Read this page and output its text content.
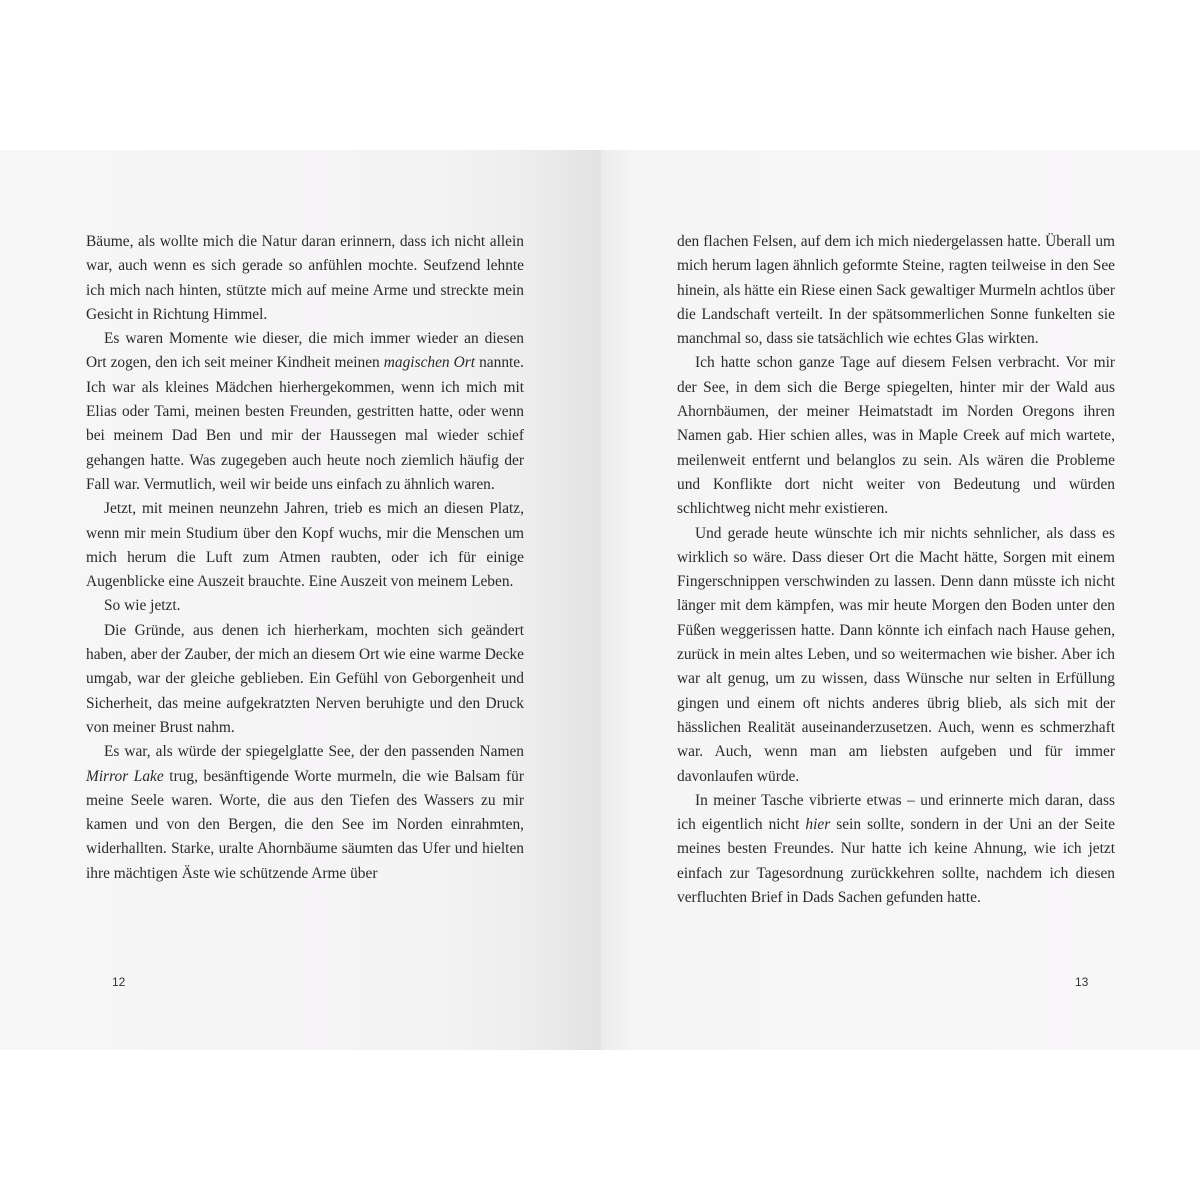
Bäume, als wollte mich die Natur daran erinnern, dass ich nicht allein war, auch wenn es sich gerade so anfühlen mochte. Seufzend lehnte ich mich nach hinten, stützte mich auf meine Arme und streckte mein Gesicht in Richtung Himmel.

Es waren Momente wie dieser, die mich immer wieder an diesen Ort zogen, den ich seit meiner Kindheit meinen magischen Ort nannte. Ich war als kleines Mädchen hierhergekommen, wenn ich mich mit Elias oder Tami, meinen besten Freunden, gestritten hatte, oder wenn bei meinem Dad Ben und mir der Haussegen mal wieder schief gehangen hatte. Was zugegeben auch heute noch ziemlich häufig der Fall war. Vermutlich, weil wir beide uns einfach zu ähnlich waren.

Jetzt, mit meinen neunzehn Jahren, trieb es mich an diesen Platz, wenn mir mein Studium über den Kopf wuchs, mir die Menschen um mich herum die Luft zum Atmen raubten, oder ich für einige Augenblicke eine Auszeit brauchte. Eine Auszeit von meinem Leben.

So wie jetzt.

Die Gründe, aus denen ich hierherkam, mochten sich geändert haben, aber der Zauber, der mich an diesem Ort wie eine warme Decke umgab, war der gleiche geblieben. Ein Gefühl von Geborgenheit und Sicherheit, das meine aufgekratzten Nerven beruhigte und den Druck von meiner Brust nahm.

Es war, als würde der spiegelglatte See, der den passenden Namen Mirror Lake trug, besänftigende Worte murmeln, die wie Balsam für meine Seele waren. Worte, die aus den Tiefen des Wassers zu mir kamen und von den Bergen, die den See im Norden einrahmten, widerhallten. Starke, uralte Ahornbäume säumten das Ufer und hielten ihre mächtigen Äste wie schützende Arme über

12

den flachen Felsen, auf dem ich mich niedergelassen hatte. Überall um mich herum lagen ähnlich geformte Steine, ragten teilweise in den See hinein, als hätte ein Riese einen Sack gewaltiger Murmeln achtlos über die Landschaft verteilt. In der spätsommerlichen Sonne funkelten sie manchmal so, dass sie tatsächlich wie echtes Glas wirkten.

Ich hatte schon ganze Tage auf diesem Felsen verbracht. Vor mir der See, in dem sich die Berge spiegelten, hinter mir der Wald aus Ahornbäumen, der meiner Heimatstadt im Norden Oregons ihren Namen gab. Hier schien alles, was in Maple Creek auf mich wartete, meilenweit entfernt und belanglos zu sein. Als wären die Probleme und Konflikte dort nicht weiter von Bedeutung und würden schlichtweg nicht mehr existieren.

Und gerade heute wünschte ich mir nichts sehnlicher, als dass es wirklich so wäre. Dass dieser Ort die Macht hätte, Sorgen mit einem Fingerschnippen verschwinden zu lassen. Denn dann müsste ich nicht länger mit dem kämpfen, was mir heute Morgen den Boden unter den Füßen weggerissen hatte. Dann könnte ich einfach nach Hause gehen, zurück in mein altes Leben, und so weitermachen wie bisher. Aber ich war alt genug, um zu wissen, dass Wünsche nur selten in Erfüllung gingen und einem oft nichts anderes übrig blieb, als sich mit der hässlichen Realität auseinanderzusetzen. Auch, wenn es schmerzhaft war. Auch, wenn man am liebsten aufgeben und für immer davonlaufen würde.

In meiner Tasche vibrierte etwas – und erinnerte mich daran, dass ich eigentlich nicht hier sein sollte, sondern in der Uni an der Seite meines besten Freundes. Nur hatte ich keine Ahnung, wie ich jetzt einfach zur Tagesordnung zurückkehren sollte, nachdem ich diesen verfluchten Brief in Dads Sachen gefunden hatte.

13
